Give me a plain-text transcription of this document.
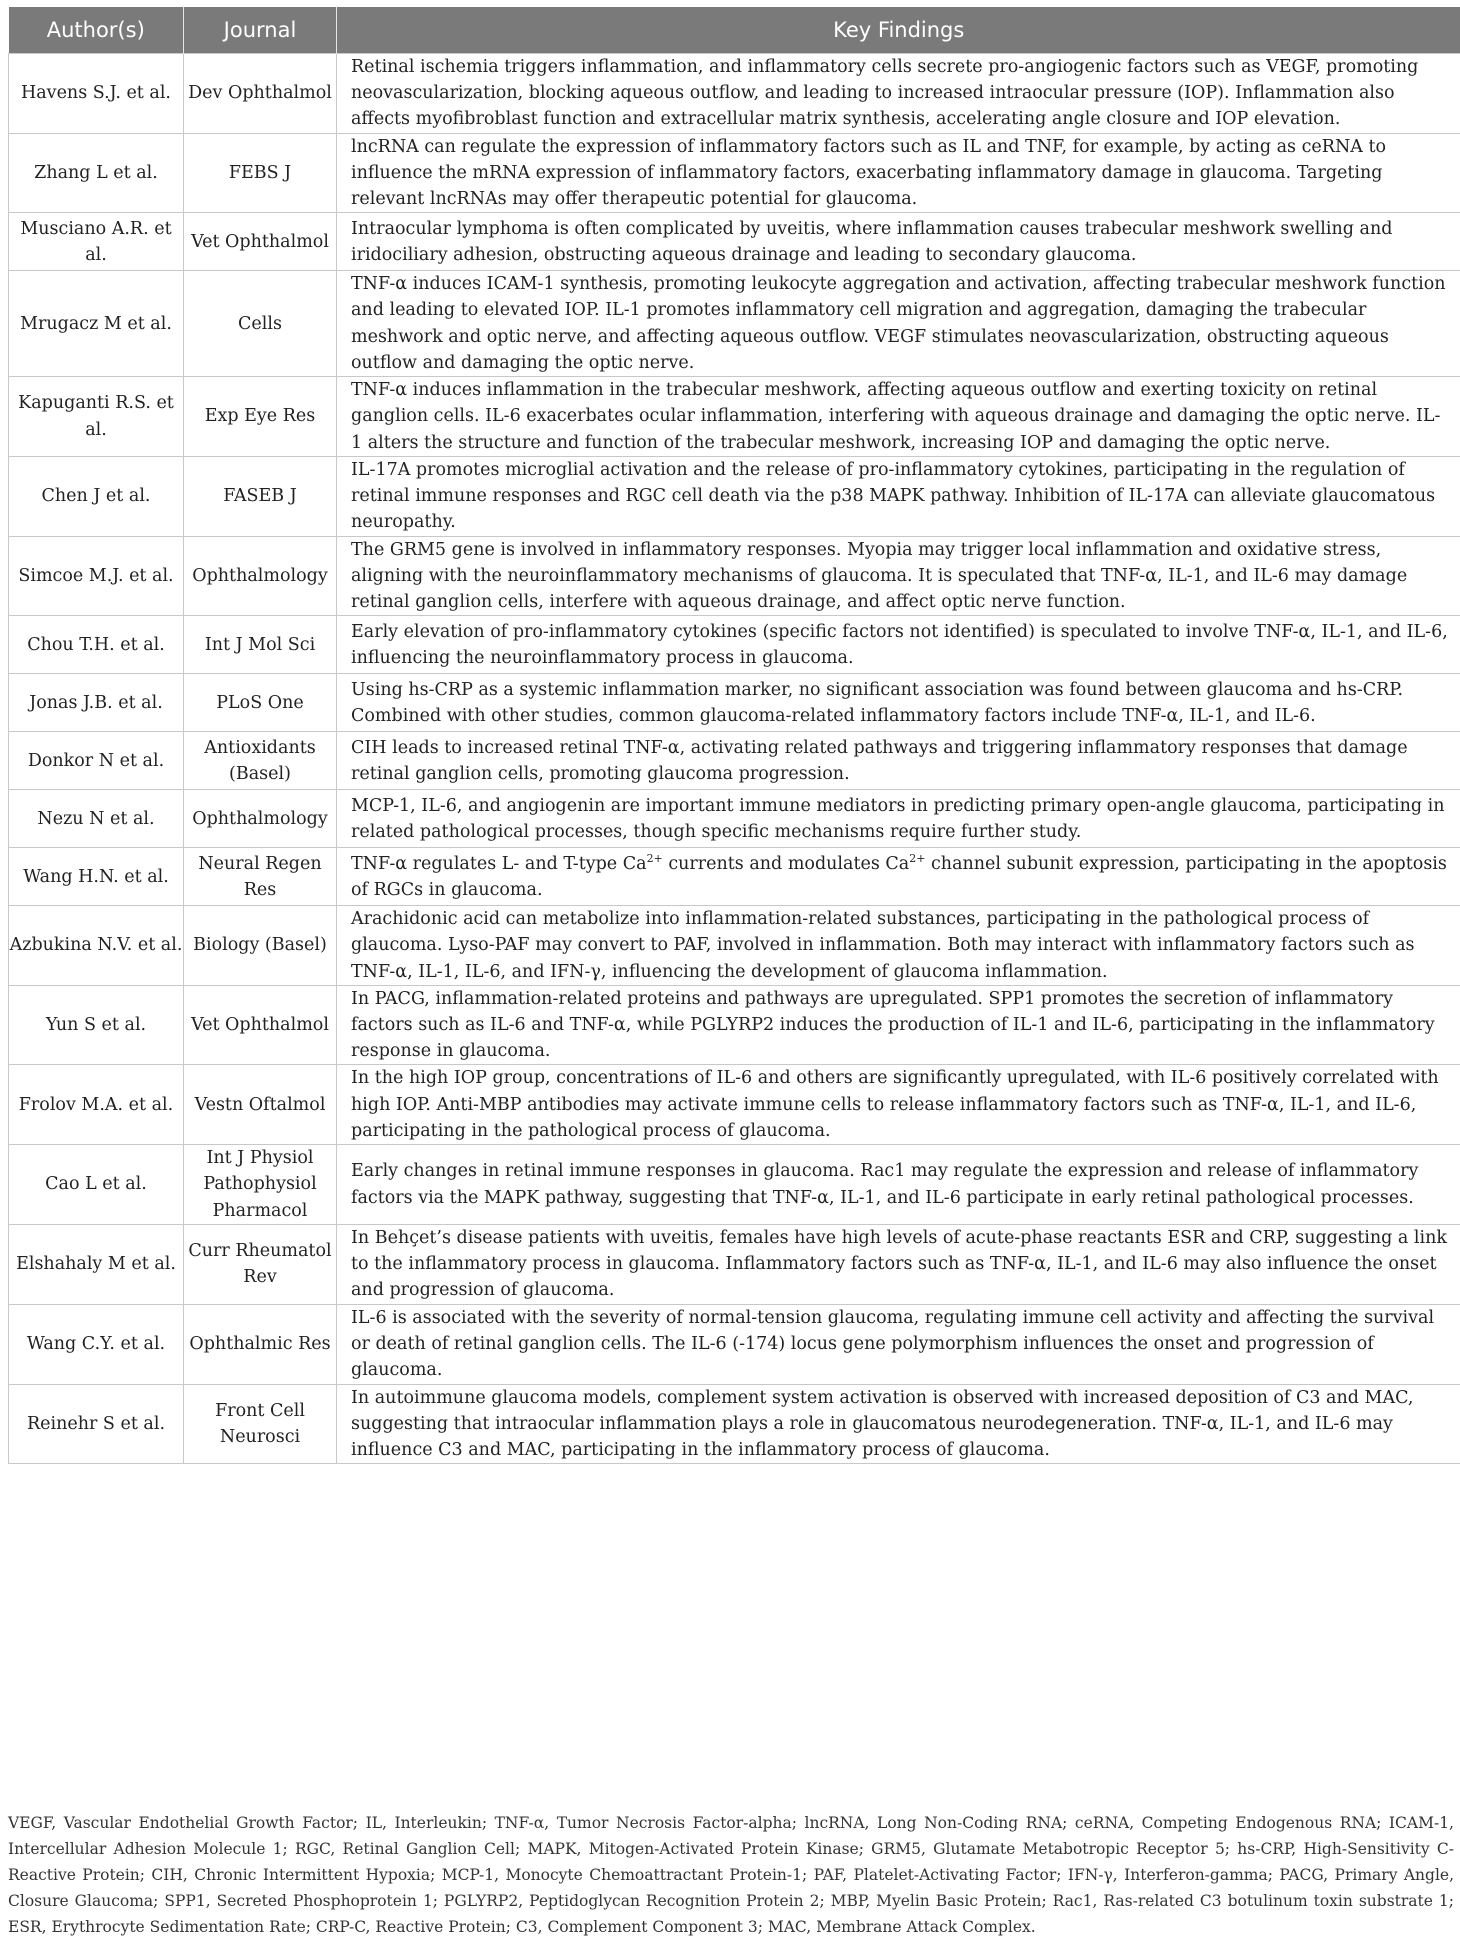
Author(s)	Journal	Key Findings
Havens S.J. et al.	Dev Ophthalmol	Retinal ischemia triggers inflammation, and inflammatory cells secrete pro-angiogenic factors such as VEGF, promoting neovascularization, blocking aqueous outflow, and leading to increased intraocular pressure (IOP). Inflammation also affects myofibroblast function and extracellular matrix synthesis, accelerating angle closure and IOP elevation.
Zhang L et al.	FEBS J	lncRNA can regulate the expression of inflammatory factors such as IL and TNF, for example, by acting as ceRNA to influence the mRNA expression of inflammatory factors, exacerbating inflammatory damage in glaucoma. Targeting relevant lncRNAs may offer therapeutic potential for glaucoma.
Musciano A.R. et al.	Vet Ophthalmol	Intraocular lymphoma is often complicated by uveitis, where inflammation causes trabecular meshwork swelling and iridociliary adhesion, obstructing aqueous drainage and leading to secondary glaucoma.
Mrugacz M et al.	Cells	TNF-α induces ICAM-1 synthesis, promoting leukocyte aggregation and activation, affecting trabecular meshwork function and leading to elevated IOP. IL-1 promotes inflammatory cell migration and aggregation, damaging the trabecular meshwork and optic nerve, and affecting aqueous outflow. VEGF stimulates neovascularization, obstructing aqueous outflow and damaging the optic nerve.
Kapuganti R.S. et al.	Exp Eye Res	TNF-α induces inflammation in the trabecular meshwork, affecting aqueous outflow and exerting toxicity on retinal ganglion cells. IL-6 exacerbates ocular inflammation, interfering with aqueous drainage and damaging the optic nerve. IL-1 alters the structure and function of the trabecular meshwork, increasing IOP and damaging the optic nerve.
Chen J et al.	FASEB J	IL-17A promotes microglial activation and the release of pro-inflammatory cytokines, participating in the regulation of retinal immune responses and RGC cell death via the p38 MAPK pathway. Inhibition of IL-17A can alleviate glaucomatous neuropathy.
Simcoe M.J. et al.	Ophthalmology	The GRM5 gene is involved in inflammatory responses. Myopia may trigger local inflammation and oxidative stress, aligning with the neuroinflammatory mechanisms of glaucoma. It is speculated that TNF-α, IL-1, and IL-6 may damage retinal ganglion cells, interfere with aqueous drainage, and affect optic nerve function.
Chou T.H. et al.	Int J Mol Sci	Early elevation of pro-inflammatory cytokines (specific factors not identified) is speculated to involve TNF-α, IL-1, and IL-6, influencing the neuroinflammatory process in glaucoma.
Jonas J.B. et al.	PLoS One	Using hs-CRP as a systemic inflammation marker, no significant association was found between glaucoma and hs-CRP. Combined with other studies, common glaucoma-related inflammatory factors include TNF-α, IL-1, and IL-6.
Donkor N et al.	Antioxidants (Basel)	CIH leads to increased retinal TNF-α, activating related pathways and triggering inflammatory responses that damage retinal ganglion cells, promoting glaucoma progression.
Nezu N et al.	Ophthalmology	MCP-1, IL-6, and angiogenin are important immune mediators in predicting primary open-angle glaucoma, participating in related pathological processes, though specific mechanisms require further study.
Wang H.N. et al.	Neural Regen Res	TNF-α regulates L- and T-type $Ca^{2+}$ currents and modulates $Ca^{2+}$ channel subunit expression, participating in the apoptosis of RGCs in glaucoma.
Azbukina N.V. et al.	Biology (Basel)	Arachidonic acid can metabolize into inflammation-related substances, participating in the pathological process of glaucoma. Lyso-PAF may convert to PAF, involved in inflammation. Both may interact with inflammatory factors such as TNF-α, IL-1, IL-6, and IFN-γ, influencing the development of glaucoma inflammation.
Yun S et al.	Vet Ophthalmol	In PACG, inflammation-related proteins and pathways are upregulated. SPP1 promotes the secretion of inflammatory factors such as IL-6 and TNF-α, while PGLYRP2 induces the production of IL-1 and IL-6, participating in the inflammatory response in glaucoma.
Frolov M.A. et al.	Vestn Oftalmol	In the high IOP group, concentrations of IL-6 and others are significantly upregulated, with IL-6 positively correlated with high IOP. Anti-MBP antibodies may activate immune cells to release inflammatory factors such as TNF-α, IL-1, and IL-6, participating in the pathological process of glaucoma.
Cao L et al.	Int J Physiol Pathophysiol Pharmacol	Early changes in retinal immune responses in glaucoma. Rac1 may regulate the expression and release of inflammatory factors via the MAPK pathway, suggesting that TNF-α, IL-1, and IL-6 participate in early retinal pathological processes.
Elshahaly M et al.	Curr Rheumatol Rev	In Behçet’s disease patients with uveitis, females have high levels of acute-phase reactants ESR and CRP, suggesting a link to the inflammatory process in glaucoma. Inflammatory factors such as TNF-α, IL-1, and IL-6 may also influence the onset and progression of glaucoma.
Wang C.Y. et al.	Ophthalmic Res	IL-6 is associated with the severity of normal-tension glaucoma, regulating immune cell activity and affecting the survival or death of retinal ganglion cells. The IL-6 (-174) locus gene polymorphism influences the onset and progression of glaucoma.
Reinehr S et al.	Front Cell Neurosci	In autoimmune glaucoma models, complement system activation is observed with increased deposition of C3 and MAC, suggesting that intraocular inflammation plays a role in glaucomatous neurodegeneration. TNF-α, IL-1, and IL-6 may influence C3 and MAC, participating in the inflammatory process of glaucoma.
VEGF, Vascular Endothelial Growth Factor; IL, Interleukin; TNF-α, Tumor Necrosis Factor-alpha; lncRNA, Long Non-Coding RNA; ceRNA, Competing Endogenous RNA; ICAM-1, Intercellular Adhesion Molecule 1; RGC, Retinal Ganglion Cell; MAPK, Mitogen-Activated Protein Kinase; GRM5, Glutamate Metabotropic Receptor 5; hs-CRP, High-Sensitivity C-Reactive Protein; CIH, Chronic Intermittent Hypoxia; MCP-1, Monocyte Chemoattractant Protein-1; PAF, Platelet-Activating Factor; IFN-γ, Interferon-gamma; PACG, Primary Angle, Closure Glaucoma; SPP1, Secreted Phosphoprotein 1; PGLYRP2, Peptidoglycan Recognition Protein 2; MBP, Myelin Basic Protein; Rac1, Ras-related C3 botulinum toxin substrate 1; ESR, Erythrocyte Sedimentation Rate; CRP-C, Reactive Protein; C3, Complement Component 3; MAC, Membrane Attack Complex.
